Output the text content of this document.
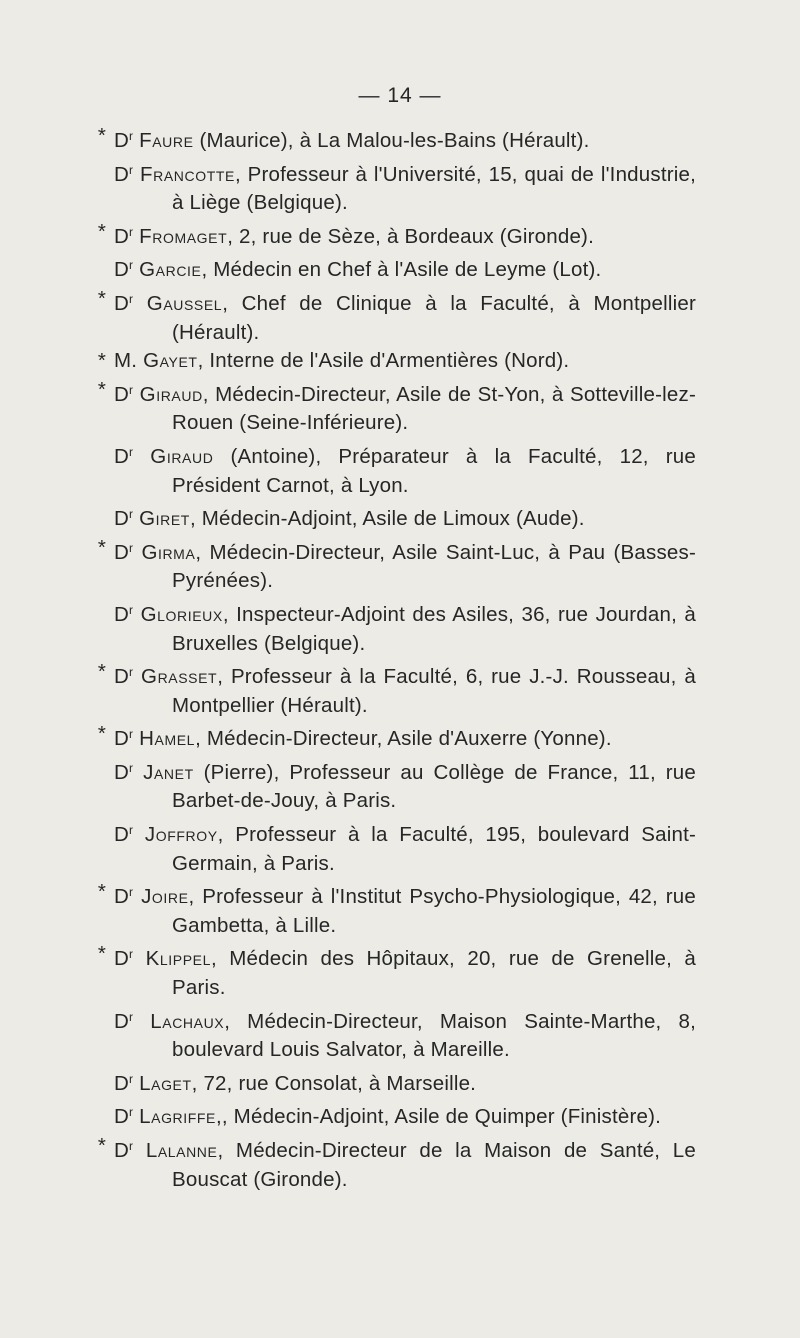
— 14 —
* $D^r$ Faure (Maurice), à La Malou-les-Bains (Hérault).
$D^r$ Francotte, Professeur à l'Université, 15, quai de l'Industrie, à Liège (Belgique).
* $D^r$ Fromaget, 2, rue de Sèze, à Bordeaux (Gironde).
$D^r$ Garcie, Médecin en Chef à l'Asile de Leyme (Lot).
* $D^r$ Gaussel, Chef de Clinique à la Faculté, à Montpellier (Hérault).
* M. Gayet, Interne de l'Asile d'Armentières (Nord).
* $D^r$ Giraud, Médecin-Directeur, Asile de St-Yon, à Sotteville-lez-Rouen (Seine-Inférieure).
$D^r$ Giraud (Antoine), Préparateur à la Faculté, 12, rue Président Carnot, à Lyon.
$D^r$ Giret, Médecin-Adjoint, Asile de Limoux (Aude).
* $D^r$ Girma, Médecin-Directeur, Asile Saint-Luc, à Pau (Basses-Pyrénées).
$D^r$ Glorieux, Inspecteur-Adjoint des Asiles, 36, rue Jourdan, à Bruxelles (Belgique).
* $D^r$ Grasset, Professeur à la Faculté, 6, rue J.-J. Rousseau, à Montpellier (Hérault).
* $D^r$ Hamel, Médecin-Directeur, Asile d'Auxerre (Yonne).
$D^r$ Janet (Pierre), Professeur au Collège de France, 11, rue Barbet-de-Jouy, à Paris.
$D^r$ Joffroy, Professeur à la Faculté, 195, boulevard Saint-Germain, à Paris.
* $D^r$ Joire, Professeur à l'Institut Psycho-Physiologique, 42, rue Gambetta, à Lille.
* $D^r$ Klippel, Médecin des Hôpitaux, 20, rue de Grenelle, à Paris.
$D^r$ Lachaux, Médecin-Directeur, Maison Sainte-Marthe, 8, boulevard Louis Salvator, à Mareille.
$D^r$ Laget, 72, rue Consolat, à Marseille.
$D^r$ Lagriffe,, Médecin-Adjoint, Asile de Quimper (Finistère).
* $D^r$ Lalanne, Médecin-Directeur de la Maison de Santé, Le Bouscat (Gironde).
